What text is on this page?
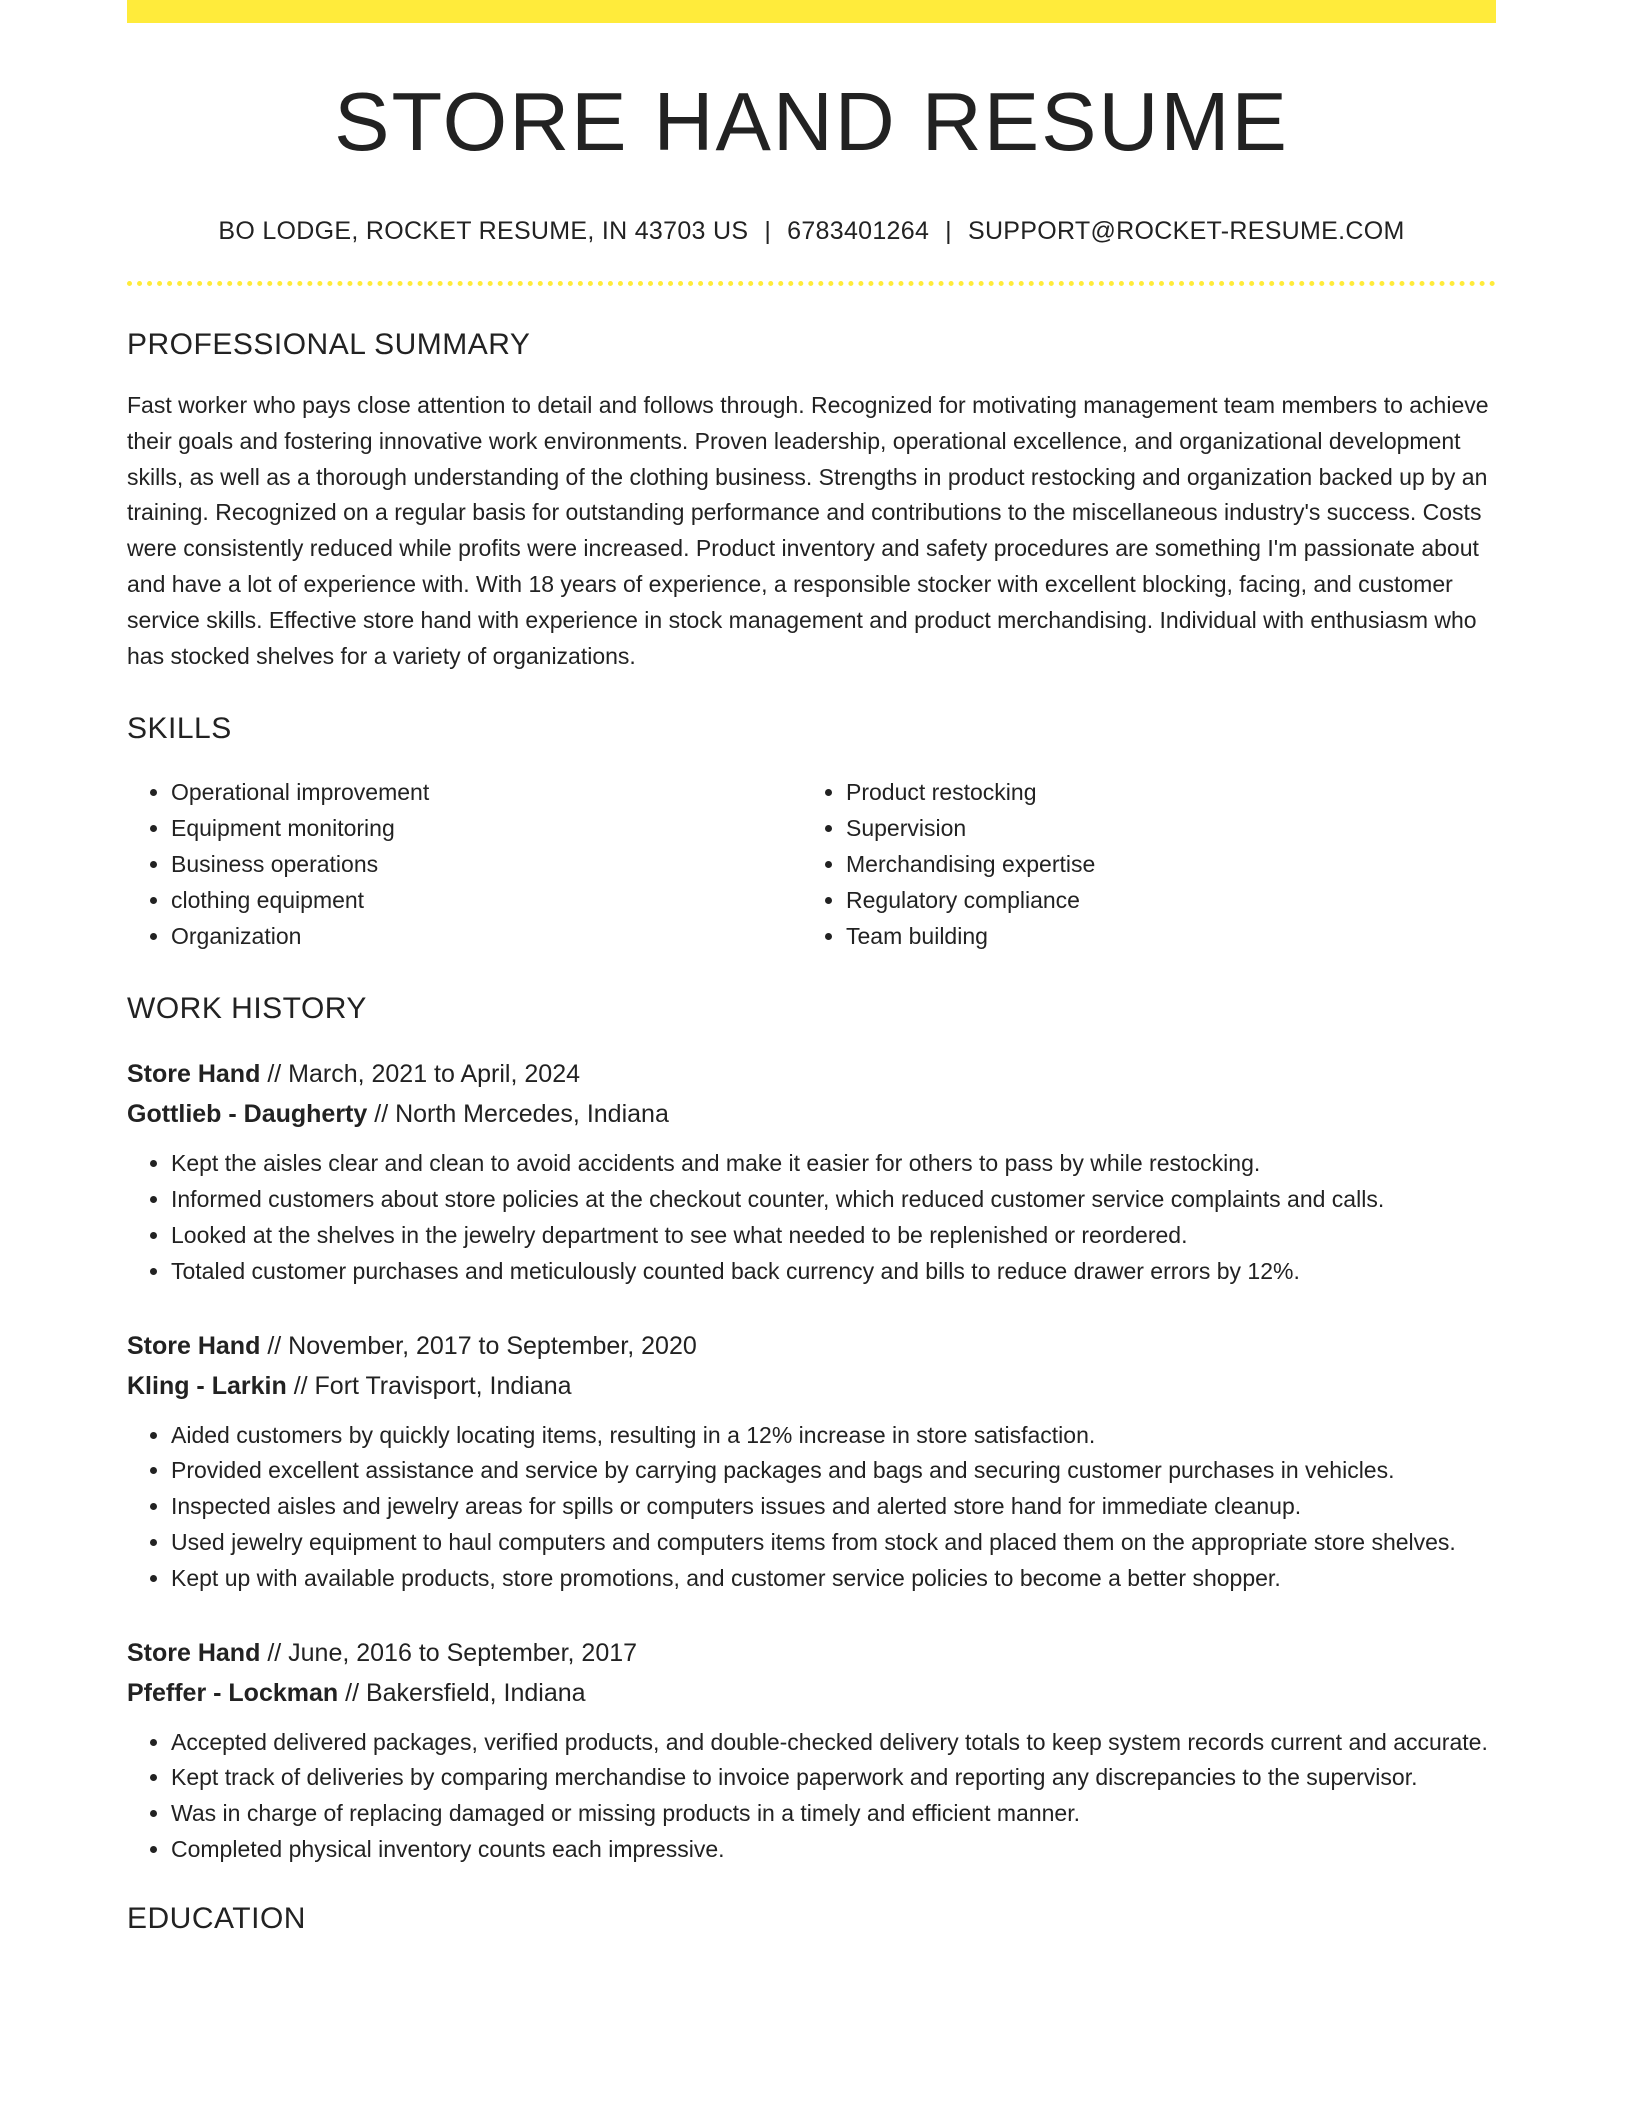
STORE HAND RESUME
BO LODGE, ROCKET RESUME, IN 43703 US | 6783401264 | SUPPORT@ROCKET-RESUME.COM
PROFESSIONAL SUMMARY

Fast worker who pays close attention to detail and follows through. Recognized for motivating management team members to achieve their goals and fostering innovative work environments. Proven leadership, operational excellence, and organizational development skills, as well as a thorough understanding of the clothing business. Strengths in product restocking and organization backed up by an training. Recognized on a regular basis for outstanding performance and contributions to the miscellaneous industry's success. Costs were consistently reduced while profits were increased. Product inventory and safety procedures are something I'm passionate about and have a lot of experience with. With 18 years of experience, a responsible stocker with excellent blocking, facing, and customer service skills. Effective store hand with experience in stock management and product merchandising. Individual with enthusiasm who has stocked shelves for a variety of organizations.

SKILLS
• Operational improvement
• Equipment monitoring
• Business operations
• clothing equipment
• Organization
• Product restocking
• Supervision
• Merchandising expertise
• Regulatory compliance
• Team building
WORK HISTORY
Store Hand // March, 2021 to April, 2024
Gottlieb - Daugherty // North Mercedes, Indiana
• Kept the aisles clear and clean to avoid accidents and make it easier for others to pass by while restocking.
• Informed customers about store policies at the checkout counter, which reduced customer service complaints and calls.
• Looked at the shelves in the jewelry department to see what needed to be replenished or reordered.
• Totaled customer purchases and meticulously counted back currency and bills to reduce drawer errors by 12%.
Store Hand // November, 2017 to September, 2020
Kling - Larkin // Fort Travisport, Indiana
• Aided customers by quickly locating items, resulting in a 12% increase in store satisfaction.
• Provided excellent assistance and service by carrying packages and bags and securing customer purchases in vehicles.
• Inspected aisles and jewelry areas for spills or computers issues and alerted store hand for immediate cleanup.
• Used jewelry equipment to haul computers and computers items from stock and placed them on the appropriate store shelves.
• Kept up with available products, store promotions, and customer service policies to become a better shopper.
Store Hand // June, 2016 to September, 2017
Pfeffer - Lockman // Bakersfield, Indiana
• Accepted delivered packages, verified products, and double-checked delivery totals to keep system records current and accurate.
• Kept track of deliveries by comparing merchandise to invoice paperwork and reporting any discrepancies to the supervisor.
• Was in charge of replacing damaged or missing products in a timely and efficient manner.
• Completed physical inventory counts each impressive.
EDUCATION
